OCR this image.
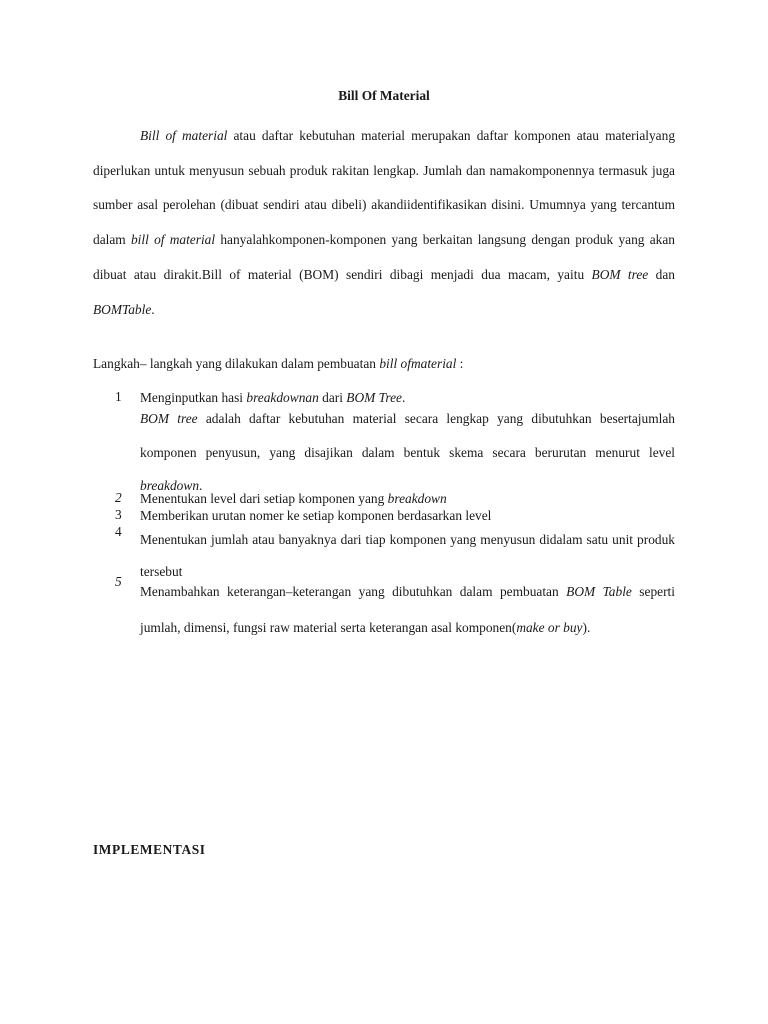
Bill Of Material
Bill of material atau daftar kebutuhan material merupakan daftar komponen atau materialyang diperlukan untuk menyusun sebuah produk rakitan lengkap. Jumlah dan namakomponennya termasuk juga sumber asal perolehan (dibuat sendiri atau dibeli) akandiidentifikasikan disini. Umumnya yang tercantum dalam bill of material hanyalahkomponen-komponen yang berkaitan langsung dengan produk yang akan dibuat atau dirakit.Bill of material (BOM) sendiri dibagi menjadi dua macam, yaitu BOM tree dan BOMTable.
Langkah– langkah yang dilakukan dalam pembuatan bill ofmaterial :
1 Menginputkan hasi breakdownan dari BOM Tree.
BOM tree adalah daftar kebutuhan material secara lengkap yang dibutuhkan besertajumlah komponen penyusun, yang disajikan dalam bentuk skema secara berurutan menurut level breakdown.
2 Menentukan level dari setiap komponen yang breakdown
3 Memberikan urutan nomer ke setiap komponen berdasarkan level
4
Menentukan jumlah atau banyaknya dari tiap komponen yang menyusun didalam satu unit produk tersebut
5
Menambahkan keterangan–keterangan yang dibutuhkan dalam pembuatan BOM Table seperti jumlah, dimensi, fungsi raw material serta keterangan asal komponen(make or buy).
IMPLEMENTASI
